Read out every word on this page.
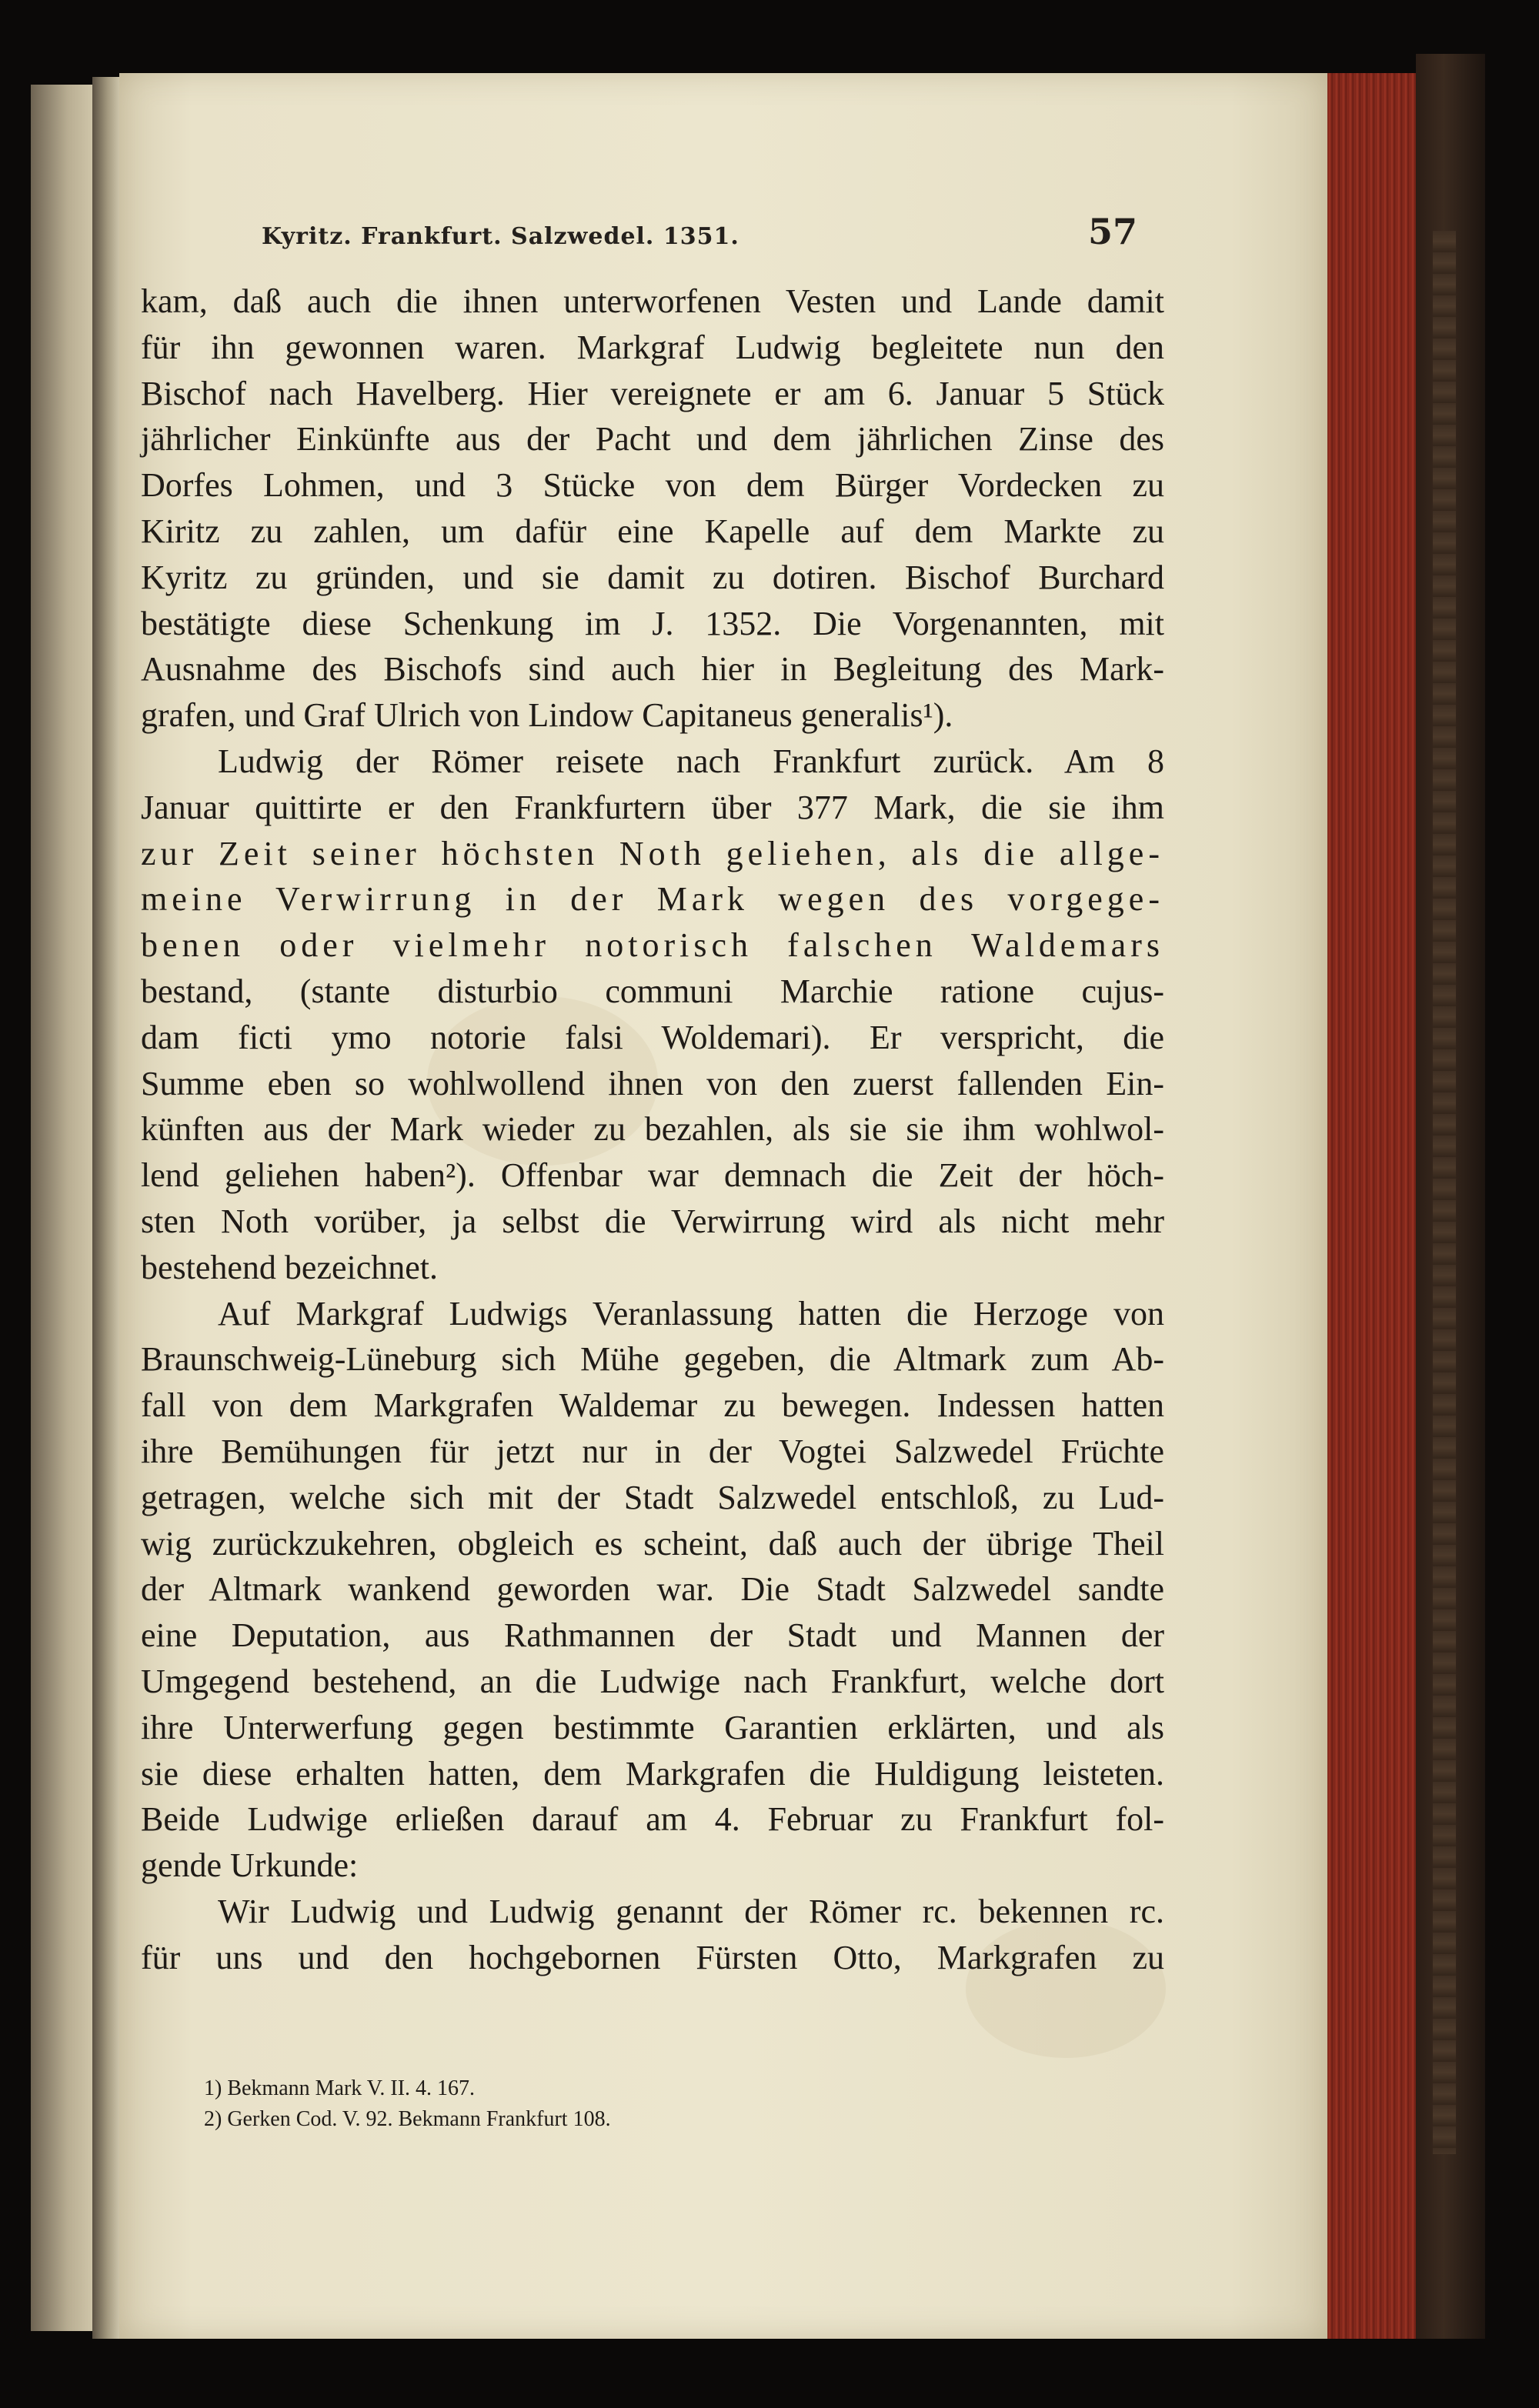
Kyritz. Frankfurt. Salzwedel. 1351.	57
kam, daß auch die ihnen unterworfenen Vesten und Lande damit
für ihn gewonnen waren. Markgraf Ludwig begleitete nun den
Bischof nach Havelberg. Hier vereignete er am 6. Januar 5 Stück
jährlicher Einkünfte aus der Pacht und dem jährlichen Zinse des
Dorfes Lohmen, und 3 Stücke von dem Bürger Vordecken zu
Kiritz zu zahlen, um dafür eine Kapelle auf dem Markte zu
Kyritz zu gründen, und sie damit zu dotiren. Bischof Burchard
bestätigte diese Schenkung im J. 1352. Die Vorgenannten, mit
Ausnahme des Bischofs sind auch hier in Begleitung des Mark-
grafen, und Graf Ulrich von Lindow Capitaneus generalis¹).
Ludwig der Römer reisete nach Frankfurt zurück. Am 8
Januar quittirte er den Frankfurtern über 377 Mark, die sie ihm
zur Zeit seiner höchsten Noth geliehen, als die allge-
meine Verwirrung in der Mark wegen des vorgege-
benen oder vielmehr notorisch falschen Waldemars
bestand, (stante disturbio communi Marchie ratione cujus-
dam ficti ymo notorie falsi Woldemari). Er verspricht, die
Summe eben so wohlwollend ihnen von den zuerst fallenden Ein-
künften aus der Mark wieder zu bezahlen, als sie sie ihm wohlwol-
lend geliehen haben²). Offenbar war demnach die Zeit der höch-
sten Noth vorüber, ja selbst die Verwirrung wird als nicht mehr
bestehend bezeichnet.
Auf Markgraf Ludwigs Veranlassung hatten die Herzoge von
Braunschweig-Lüneburg sich Mühe gegeben, die Altmark zum Ab-
fall von dem Markgrafen Waldemar zu bewegen. Indessen hatten
ihre Bemühungen für jetzt nur in der Vogtei Salzwedel Früchte
getragen, welche sich mit der Stadt Salzwedel entschloß, zu Lud-
wig zurückzukehren, obgleich es scheint, daß auch der übrige Theil
der Altmark wankend geworden war. Die Stadt Salzwedel sandte
eine Deputation, aus Rathmannen der Stadt und Mannen der
Umgegend bestehend, an die Ludwige nach Frankfurt, welche dort
ihre Unterwerfung gegen bestimmte Garantien erklärten, und als
sie diese erhalten hatten, dem Markgrafen die Huldigung leisteten.
Beide Ludwige erließen darauf am 4. Februar zu Frankfurt fol-
gende Urkunde:
Wir Ludwig und Ludwig genannt der Römer rc. bekennen rc.
für uns und den hochgebornen Fürsten Otto, Markgrafen zu
1) Bekmann Mark V. II. 4. 167.
2) Gerken Cod. V. 92. Bekmann Frankfurt 108.
